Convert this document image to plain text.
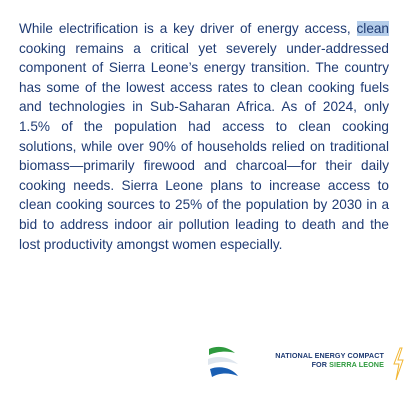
While electrification is a key driver of energy access, clean cooking remains a critical yet severely under-addressed component of Sierra Leone’s energy transition. The country has some of the lowest access rates to clean cooking fuels and technologies in Sub-Saharan Africa. As of 2024, only 1.5% of the population had access to clean cooking solutions, while over 90% of households relied on traditional biomass—primarily firewood and charcoal—for their daily cooking needs. Sierra Leone plans to increase access to clean cooking sources to 25% of the population by 2030 in a bid to address indoor air pollution leading to death and the lost productivity amongst women especially.

NATIONAL ENERGY COMPACT
FOR SIERRA LEONE
